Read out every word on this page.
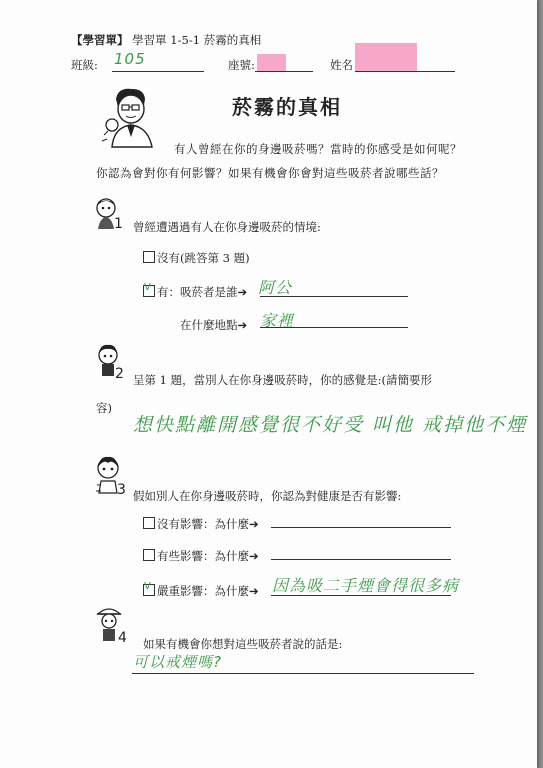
【學習單】 學習單 1-5-1 菸霧的真相
班級: 105	座號:	姓名
菸霧的真相
有人曾經在你的身邊吸菸嗎？當時的你感受是如何呢？
你認為會對你有何影響？如果有機會你會對這些吸菸者說哪些話？
1 曾經遭遇過有人在你身邊吸菸的情境:
沒有(跳答第 3 題)
V有：吸菸者是誰➔ 阿公
在什麼地點➔ 家裡
2 呈第 1 題，當別人在你身邊吸菸時，你的感覺是:(請簡要形
容)
想快點離開感覺很不好受 叫他 戒掉他不煙
3 假如別人在你身邊吸菸時，你認為對健康是否有影響:
沒有影響：為什麼➔
有些影響：為什麼➔
V嚴重影響：為什麼➔ 因為吸二手煙會得很多病
4 如果有機會你想對這些吸菸者說的話是:
可以戒煙嗎?
